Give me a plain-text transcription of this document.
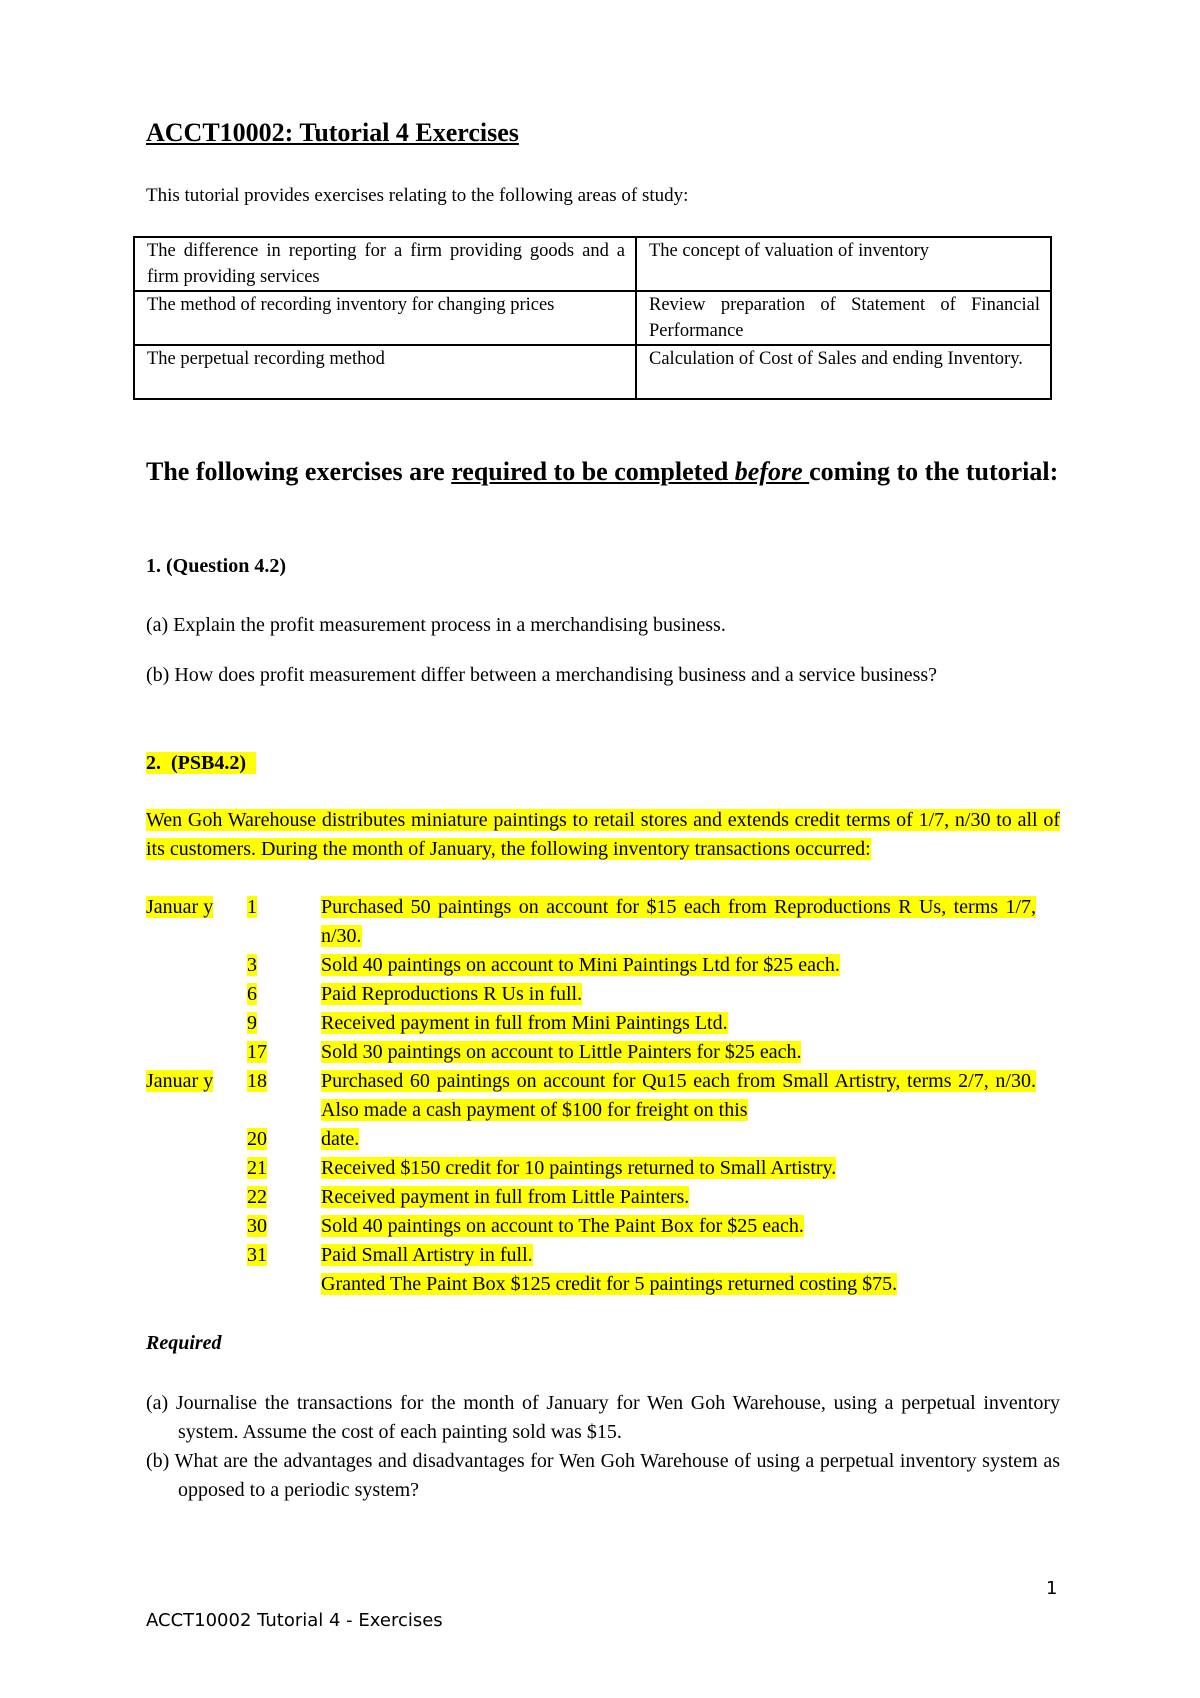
ACCT10002: Tutorial 4 Exercises
This tutorial provides exercises relating to the following areas of study:
The difference in reporting for a firm providing goods and a firm providing services	The concept of valuation of inventory
The method of recording inventory for changing prices	Review preparation of Statement of Financial Performance
The perpetual recording method	Calculation of Cost of Sales and ending Inventory.
The following exercises are required to be completed before coming to the tutorial:
1. (Question 4.2)
(a) Explain the profit measurement process in a merchandising business.
(b) How does profit measurement differ between a merchandising business and a service business?
2.  (PSB4.2)
Wen Goh Warehouse distributes miniature paintings to retail stores and extends credit terms of 1/7, n/30 to all of its customers. During the month of January, the following inventory transactions occurred:
Januar y 1	Purchased 50 paintings on account for $15 each from Reproductions R Us, terms 1/7, n/30.
3	Sold 40 paintings on account to Mini Paintings Ltd for $25 each.
6	Paid Reproductions R Us in full.
9	Received payment in full from Mini Paintings Ltd.
17	Sold 30 paintings on account to Little Painters for $25 each.
Januar y 18	Purchased 60 paintings on account for Qu15 each from Small Artistry, terms 2/7, n/30. Also made a cash payment of $100 for freight on this
20	date.
21	Received $150 credit for 10 paintings returned to Small Artistry.
22	Received payment in full from Little Painters.
30	Sold 40 paintings on account to The Paint Box for $25 each.
31	Paid Small Artistry in full.
Granted The Paint Box $125 credit for 5 paintings returned costing $75.
Required
(a) Journalise the transactions for the month of January for Wen Goh Warehouse, using a perpetual inventory system. Assume the cost of each painting sold was $15.
(b) What are the advantages and disadvantages for Wen Goh Warehouse of using a perpetual inventory system as opposed to a periodic system?
1
ACCT10002 Tutorial 4 - Exercises
